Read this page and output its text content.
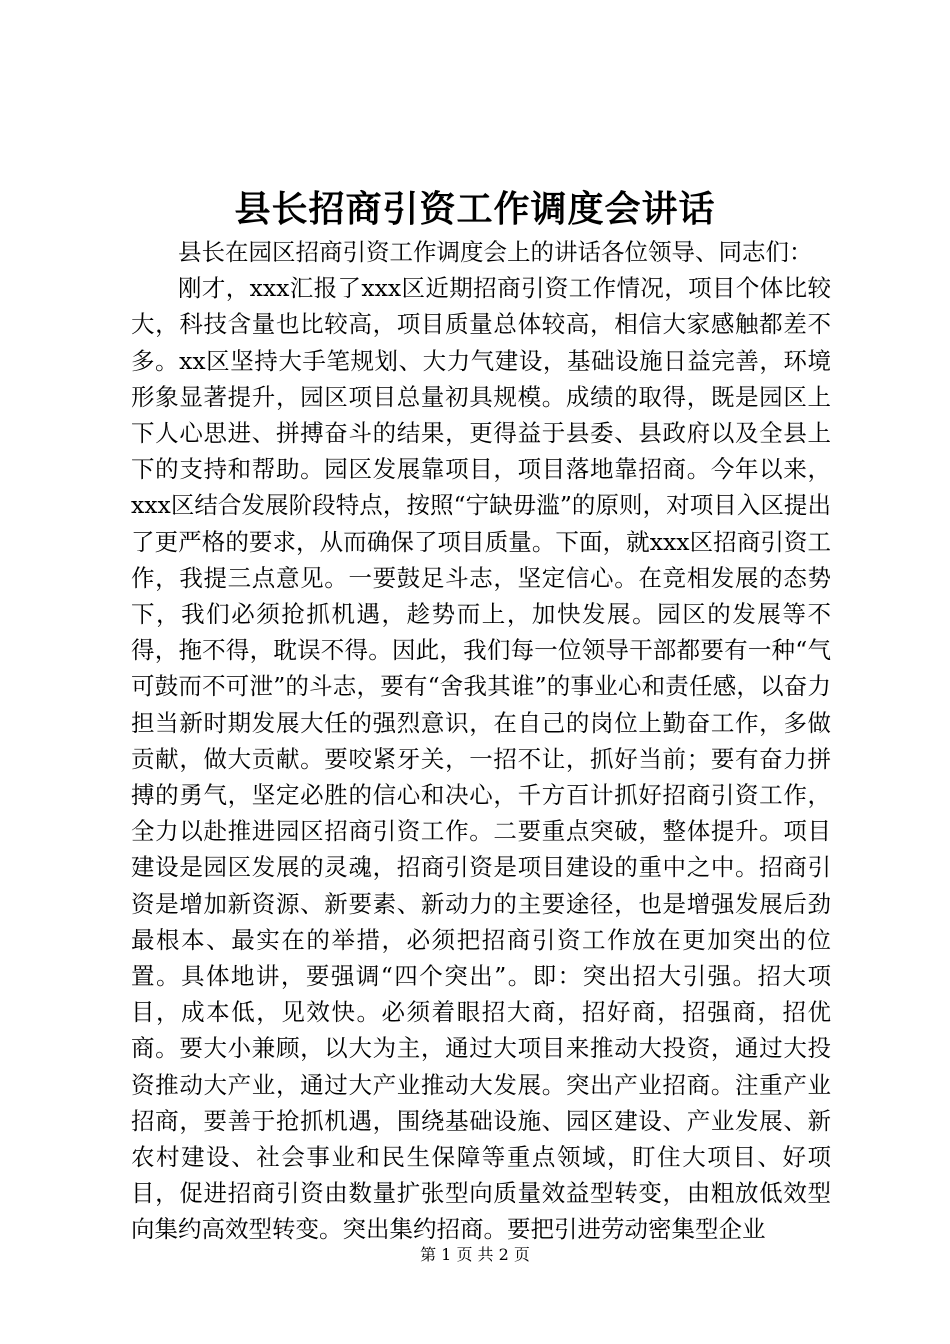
县长招商引资工作调度会讲话

县长在园区招商引资工作调度会上的讲话各位领导、同志们：

刚才，xxx汇报了xxx区近期招商引资工作情况，项目个体比较大，科技含量也比较高，项目质量总体较高，相信大家感触都差不多。xx区坚持大手笔规划、大力气建设，基础设施日益完善，环境形象显著提升，园区项目总量初具规模。成绩的取得，既是园区上下人心思进、拼搏奋斗的结果，更得益于县委、县政府以及全县上下的支持和帮助。园区发展靠项目，项目落地靠招商。今年以来，xxx区结合发展阶段特点，按照“宁缺毋滥”的原则，对项目入区提出了更严格的要求，从而确保了项目质量。下面，就xxx区招商引资工作，我提三点意见。一要鼓足斗志，坚定信心。在竞相发展的态势下，我们必须抢抓机遇，趁势而上，加快发展。园区的发展等不得，拖不得，耽误不得。因此，我们每一位领导干部都要有一种“气可鼓而不可泄”的斗志，要有“舍我其谁”的事业心和责任感，以奋力担当新时期发展大任的强烈意识，在自己的岗位上勤奋工作，多做贡献，做大贡献。要咬紧牙关，一招不让，抓好当前；要有奋力拼搏的勇气，坚定必胜的信心和决心，千方百计抓好招商引资工作，全力以赴推进园区招商引资工作。二要重点突破，整体提升。项目建设是园区发展的灵魂，招商引资是项目建设的重中之中。招商引资是增加新资源、新要素、新动力的主要途径，也是增强发展后劲最根本、最实在的举措，必须把招商引资工作放在更加突出的位置。具体地讲，要强调“四个突出”。即：突出招大引强。招大项目，成本低，见效快。必须着眼招大商，招好商，招强商，招优商。要大小兼顾，以大为主，通过大项目来推动大投资，通过大投资推动大产业，通过大产业推动大发展。突出产业招商。注重产业招商，要善于抢抓机遇，围绕基础设施、园区建设、产业发展、新农村建设、社会事业和民生保障等重点领域，盯住大项目、好项目，促进招商引资由数量扩张型向质量效益型转变，由粗放低效型向集约高效型转变。突出集约招商。要把引进劳动密集型企业

第 1 页 共 2 页
